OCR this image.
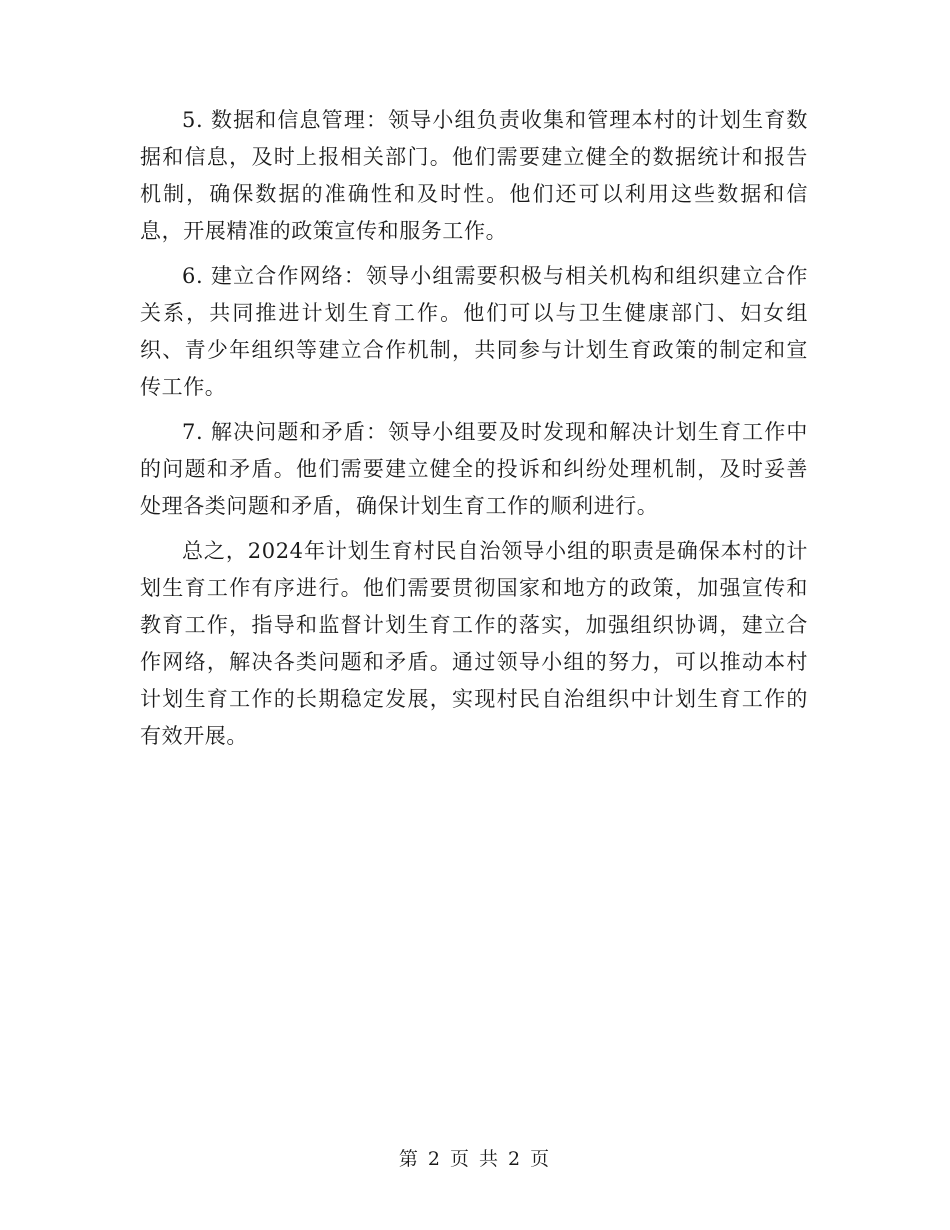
5. 数据和信息管理：领导小组负责收集和管理本村的计划生育数据和信息，及时上报相关部门。他们需要建立健全的数据统计和报告机制，确保数据的准确性和及时性。他们还可以利用这些数据和信息，开展精准的政策宣传和服务工作。

6. 建立合作网络：领导小组需要积极与相关机构和组织建立合作关系，共同推进计划生育工作。他们可以与卫生健康部门、妇女组织、青少年组织等建立合作机制，共同参与计划生育政策的制定和宣传工作。

7. 解决问题和矛盾：领导小组要及时发现和解决计划生育工作中的问题和矛盾。他们需要建立健全的投诉和纠纷处理机制，及时妥善处理各类问题和矛盾，确保计划生育工作的顺利进行。

总之，2024年计划生育村民自治领导小组的职责是确保本村的计划生育工作有序进行。他们需要贯彻国家和地方的政策，加强宣传和教育工作，指导和监督计划生育工作的落实，加强组织协调，建立合作网络，解决各类问题和矛盾。通过领导小组的努力，可以推动本村计划生育工作的长期稳定发展，实现村民自治组织中计划生育工作的有效开展。

第 2 页 共 2 页
